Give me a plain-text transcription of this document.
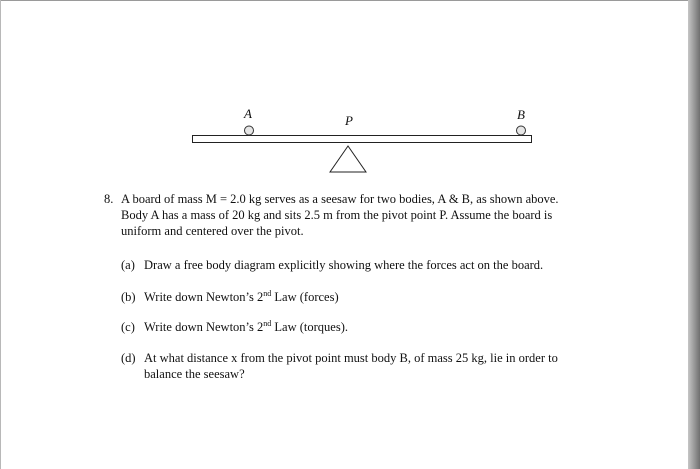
A	P	B
8. A board of mass M = 2.0 kg serves as a seesaw for two bodies, A & B, as shown above. Body A has a mass of 20 kg and sits 2.5 m from the pivot point P. Assume the board is uniform and centered over the pivot.
(a) Draw a free body diagram explicitly showing where the forces act on the board.
(b) Write down Newton’s 2nd Law (forces)
(c) Write down Newton’s 2nd Law (torques).
(d) At what distance x from the pivot point must body B, of mass 25 kg, lie in order to balance the seesaw?
